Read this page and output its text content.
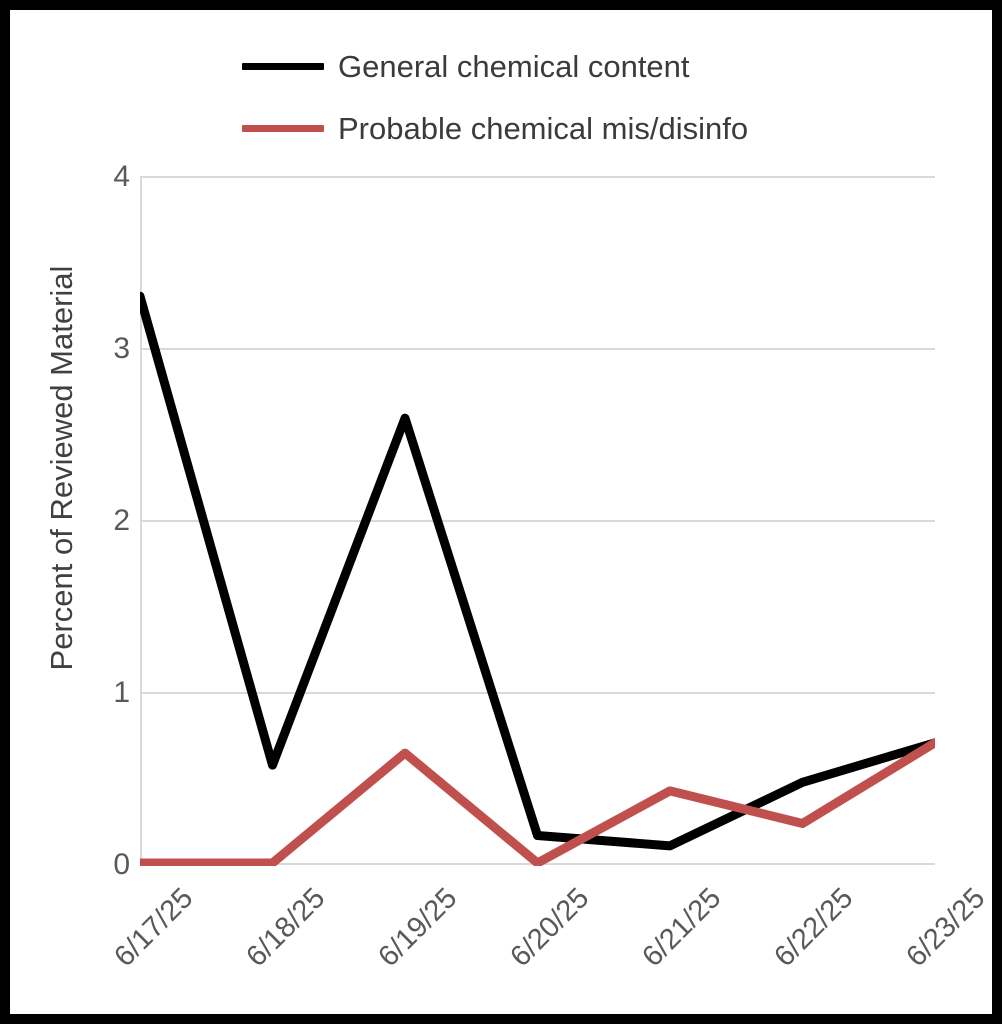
General chemical content
Probable chemical mis/disinfo
4
3
2
1
0
Percent of Reviewed Material
6/17/25 6/18/25 6/19/25 6/20/25 6/21/25 6/22/25 6/23/25
